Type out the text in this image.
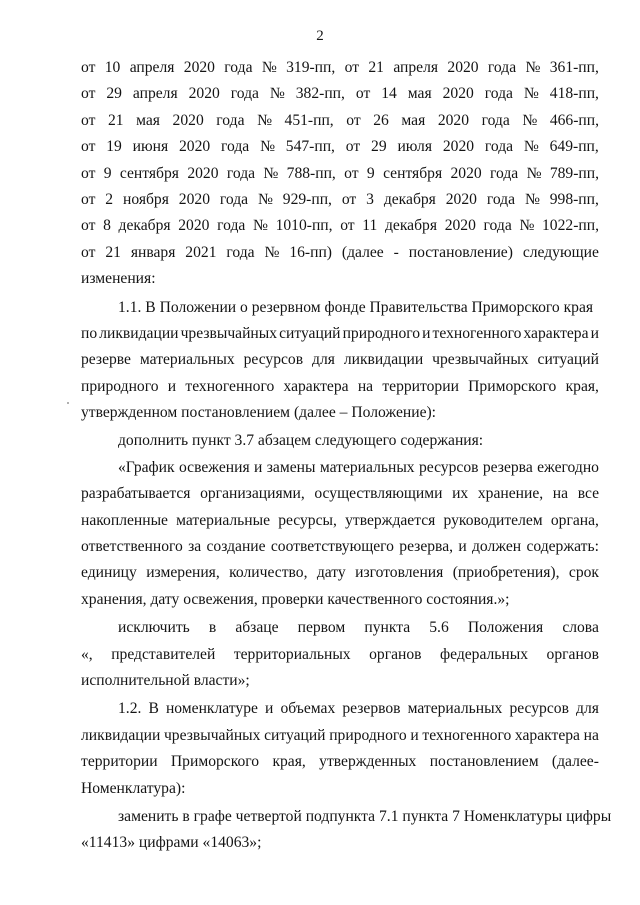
2
от 10 апреля 2020 года № 319-пп, от 21 апреля 2020 года № 361-пп,
от 29 апреля 2020 года № 382-пп, от 14 мая 2020 года № 418-пп,
от 21 мая 2020 года № 451-пп, от 26 мая 2020 года № 466-пп,
от 19 июня 2020 года № 547-пп, от 29 июля 2020 года № 649-пп,
от 9 сентября 2020 года № 788-пп, от 9 сентября 2020 года № 789-пп,
от 2 ноября 2020 года № 929-пп, от 3 декабря 2020 года № 998-пп,
от 8 декабря 2020 года № 1010-пп, от 11 декабря 2020 года № 1022-пп,
от 21 января 2021 года № 16-пп) (далее - постановление) следующие
изменения:
1.1. В Положении о резервном фонде Правительства Приморского края
по ликвидации чрезвычайных ситуаций природного и техногенного характера и
резерве материальных ресурсов для ликвидации чрезвычайных ситуаций
природного и техногенного характера на территории Приморского края,
утвержденном постановлением (далее – Положение):
дополнить пункт 3.7 абзацем следующего содержания:
«График освежения и замены материальных ресурсов резерва ежегодно
разрабатывается организациями, осуществляющими их хранение, на все
накопленные материальные ресурсы, утверждается руководителем органа,
ответственного за создание соответствующего резерва, и должен содержать:
единицу измерения, количество, дату изготовления (приобретения), срок
хранения, дату освежения, проверки качественного состояния.»;
исключить в абзаце первом пункта 5.6 Положения слова
«, представителей территориальных органов федеральных органов
исполнительной власти»;
1.2. В номенклатуре и объемах резервов материальных ресурсов для
ликвидации чрезвычайных ситуаций природного и техногенного характера на
территории Приморского края, утвержденных постановлением (далее-
Номенклатура):
заменить в графе четвертой подпункта 7.1 пункта 7 Номенклатуры цифры
«11413» цифрами «14063»;
